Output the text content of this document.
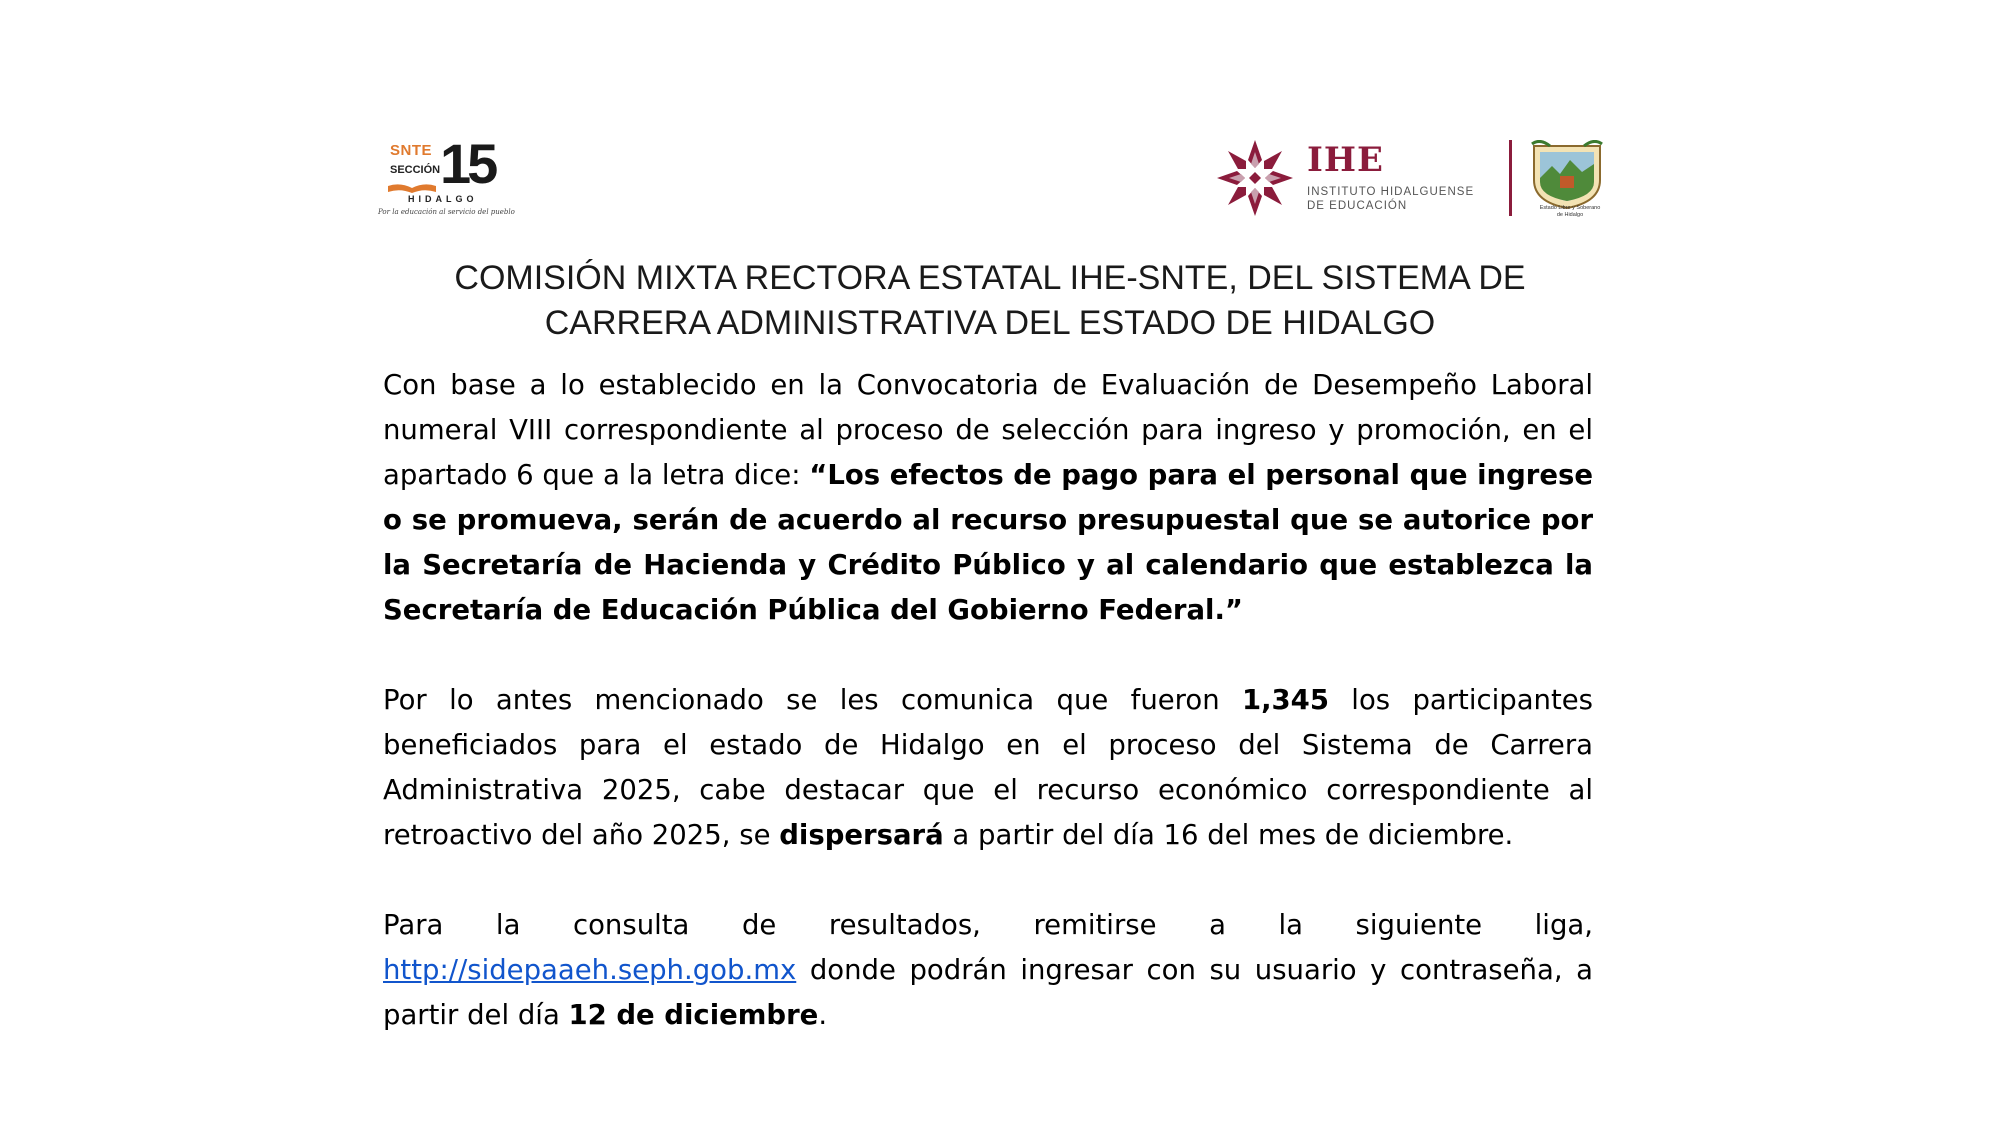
SNTE
SECCIÓN 15
HIDALGO
Por la educación al servicio del pueblo
IHE
INSTITUTO HIDALGUENSE
DE EDUCACIÓN	Estado Libre y Soberano
de Hidalgo
COMISIÓN MIXTA RECTORA ESTATAL IHE-SNTE, DEL SISTEMA DE
CARRERA ADMINISTRATIVA DEL ESTADO DE HIDALGO

Con base a lo establecido en la Convocatoria de Evaluación de Desempeño Laboral numeral VIII correspondiente al proceso de selección para ingreso y promoción, en el apartado 6 que a la letra dice: “Los efectos de pago para el personal que ingrese o se promueva, serán de acuerdo al recurso presupuestal que se autorice por la Secretaría de Hacienda y Crédito Público y al calendario que establezca la Secretaría de Educación Pública del Gobierno Federal.”

Por lo antes mencionado se les comunica que fueron 1,345 los participantes beneficiados para el estado de Hidalgo en el proceso del Sistema de Carrera Administrativa 2025, cabe destacar que el recurso económico correspondiente al retroactivo del año 2025, se dispersará a partir del día 16 del mes de diciembre.

Para la consulta de resultados, remitirse a la siguiente liga, http://sidepaaeh.seph.gob.mx donde podrán ingresar con su usuario y contraseña, a partir del día 12 de diciembre.
